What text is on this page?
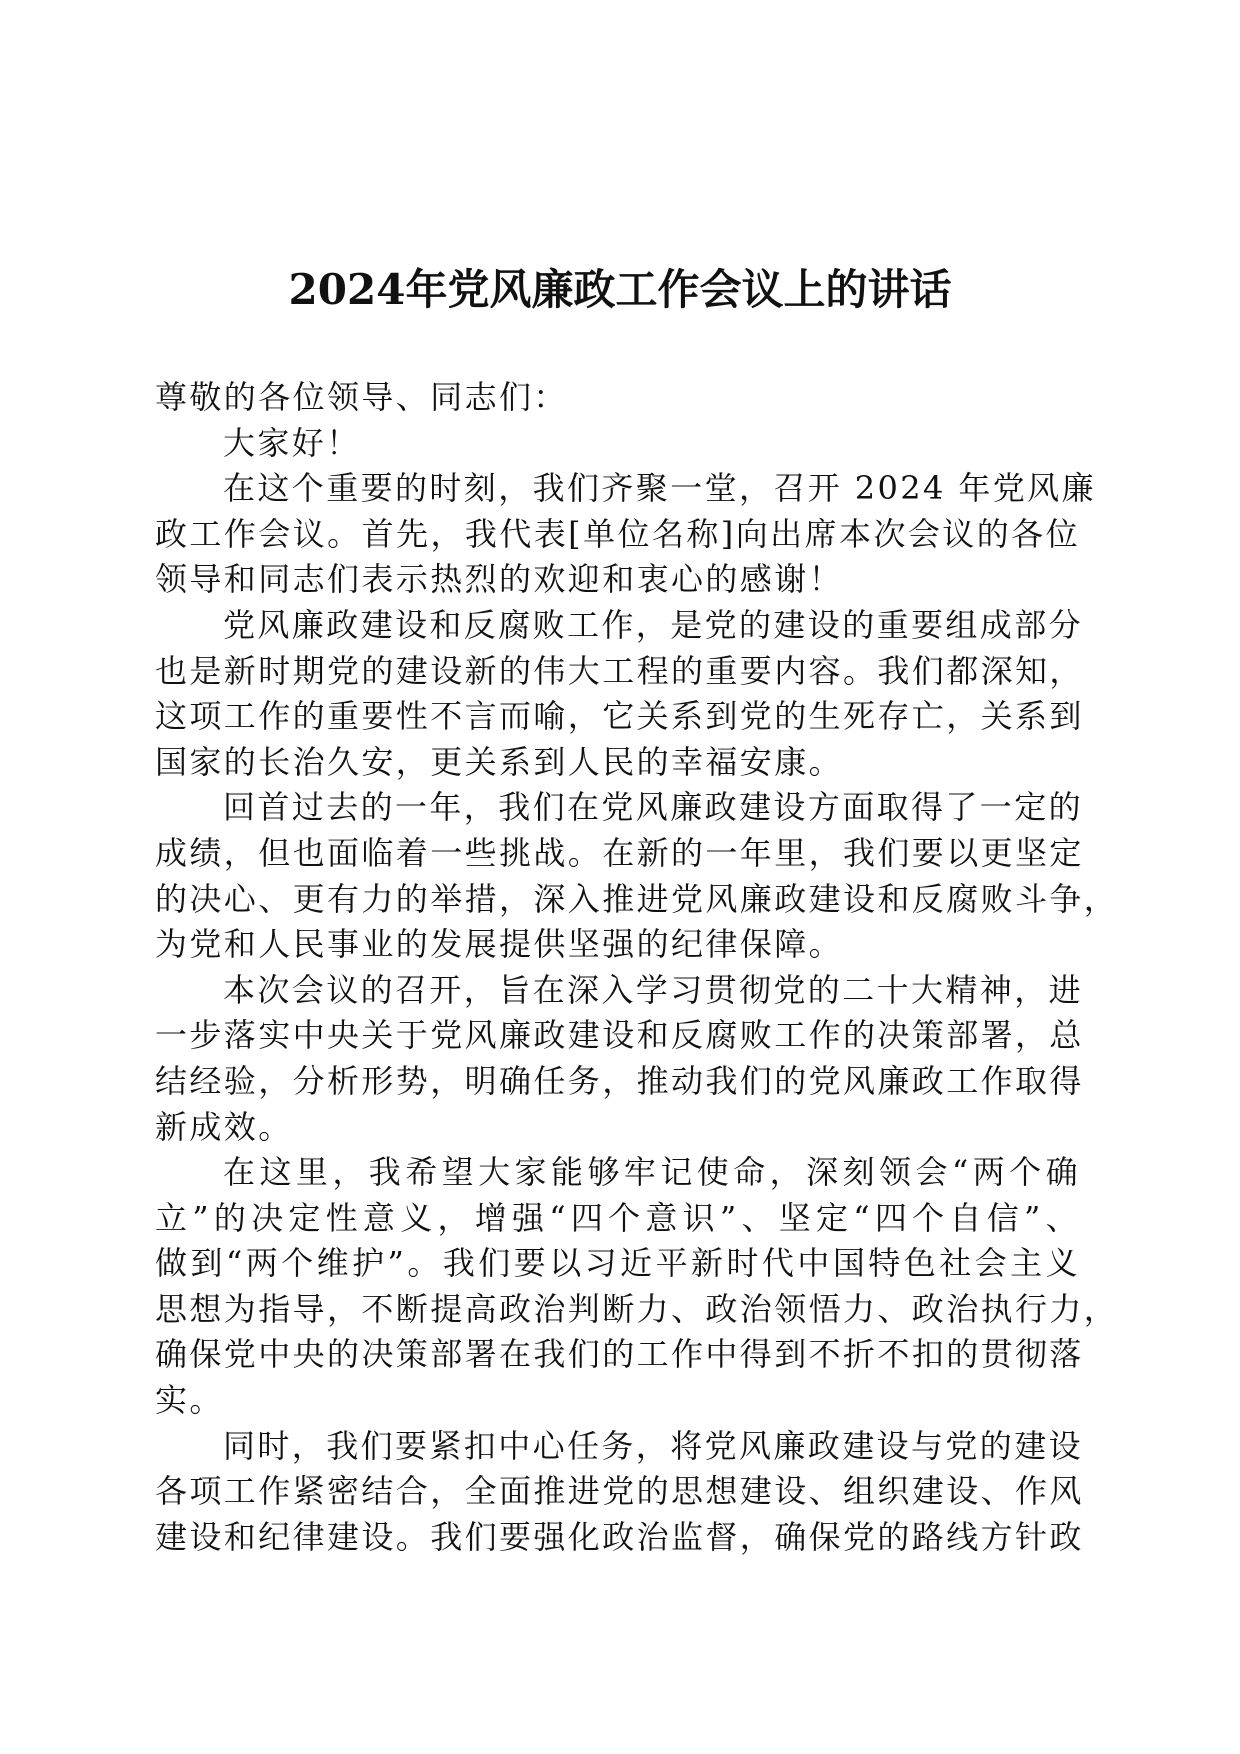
2024年党风廉政工作会议上的讲话
尊敬的各位领导、同志们：
大家好！
在这个重要的时刻，我们齐聚一堂，召开 2024 年党风廉
政工作会议。首先，我代表[单位名称]向出席本次会议的各位
领导和同志们表示热烈的欢迎和衷心的感谢！
党风廉政建设和反腐败工作，是党的建设的重要组成部分
也是新时期党的建设新的伟大工程的重要内容。我们都深知，
这项工作的重要性不言而喻，它关系到党的生死存亡，关系到
国家的长治久安，更关系到人民的幸福安康。
回首过去的一年，我们在党风廉政建设方面取得了一定的
成绩，但也面临着一些挑战。在新的一年里，我们要以更坚定
的决心、更有力的举措，深入推进党风廉政建设和反腐败斗争，
为党和人民事业的发展提供坚强的纪律保障。
本次会议的召开，旨在深入学习贯彻党的二十大精神，进
一步落实中央关于党风廉政建设和反腐败工作的决策部署，总
结经验，分析形势，明确任务，推动我们的党风廉政工作取得
新成效。
在这里，我希望大家能够牢记使命，深刻领会“两个确
立”的决定性意义，增强“四个意识”、坚定“四个自信”、
做到“两个维护”。我们要以习近平新时代中国特色社会主义
思想为指导，不断提高政治判断力、政治领悟力、政治执行力，
确保党中央的决策部署在我们的工作中得到不折不扣的贯彻落
实。
同时，我们要紧扣中心任务，将党风廉政建设与党的建设
各项工作紧密结合，全面推进党的思想建设、组织建设、作风
建设和纪律建设。我们要强化政治监督，确保党的路线方针政
